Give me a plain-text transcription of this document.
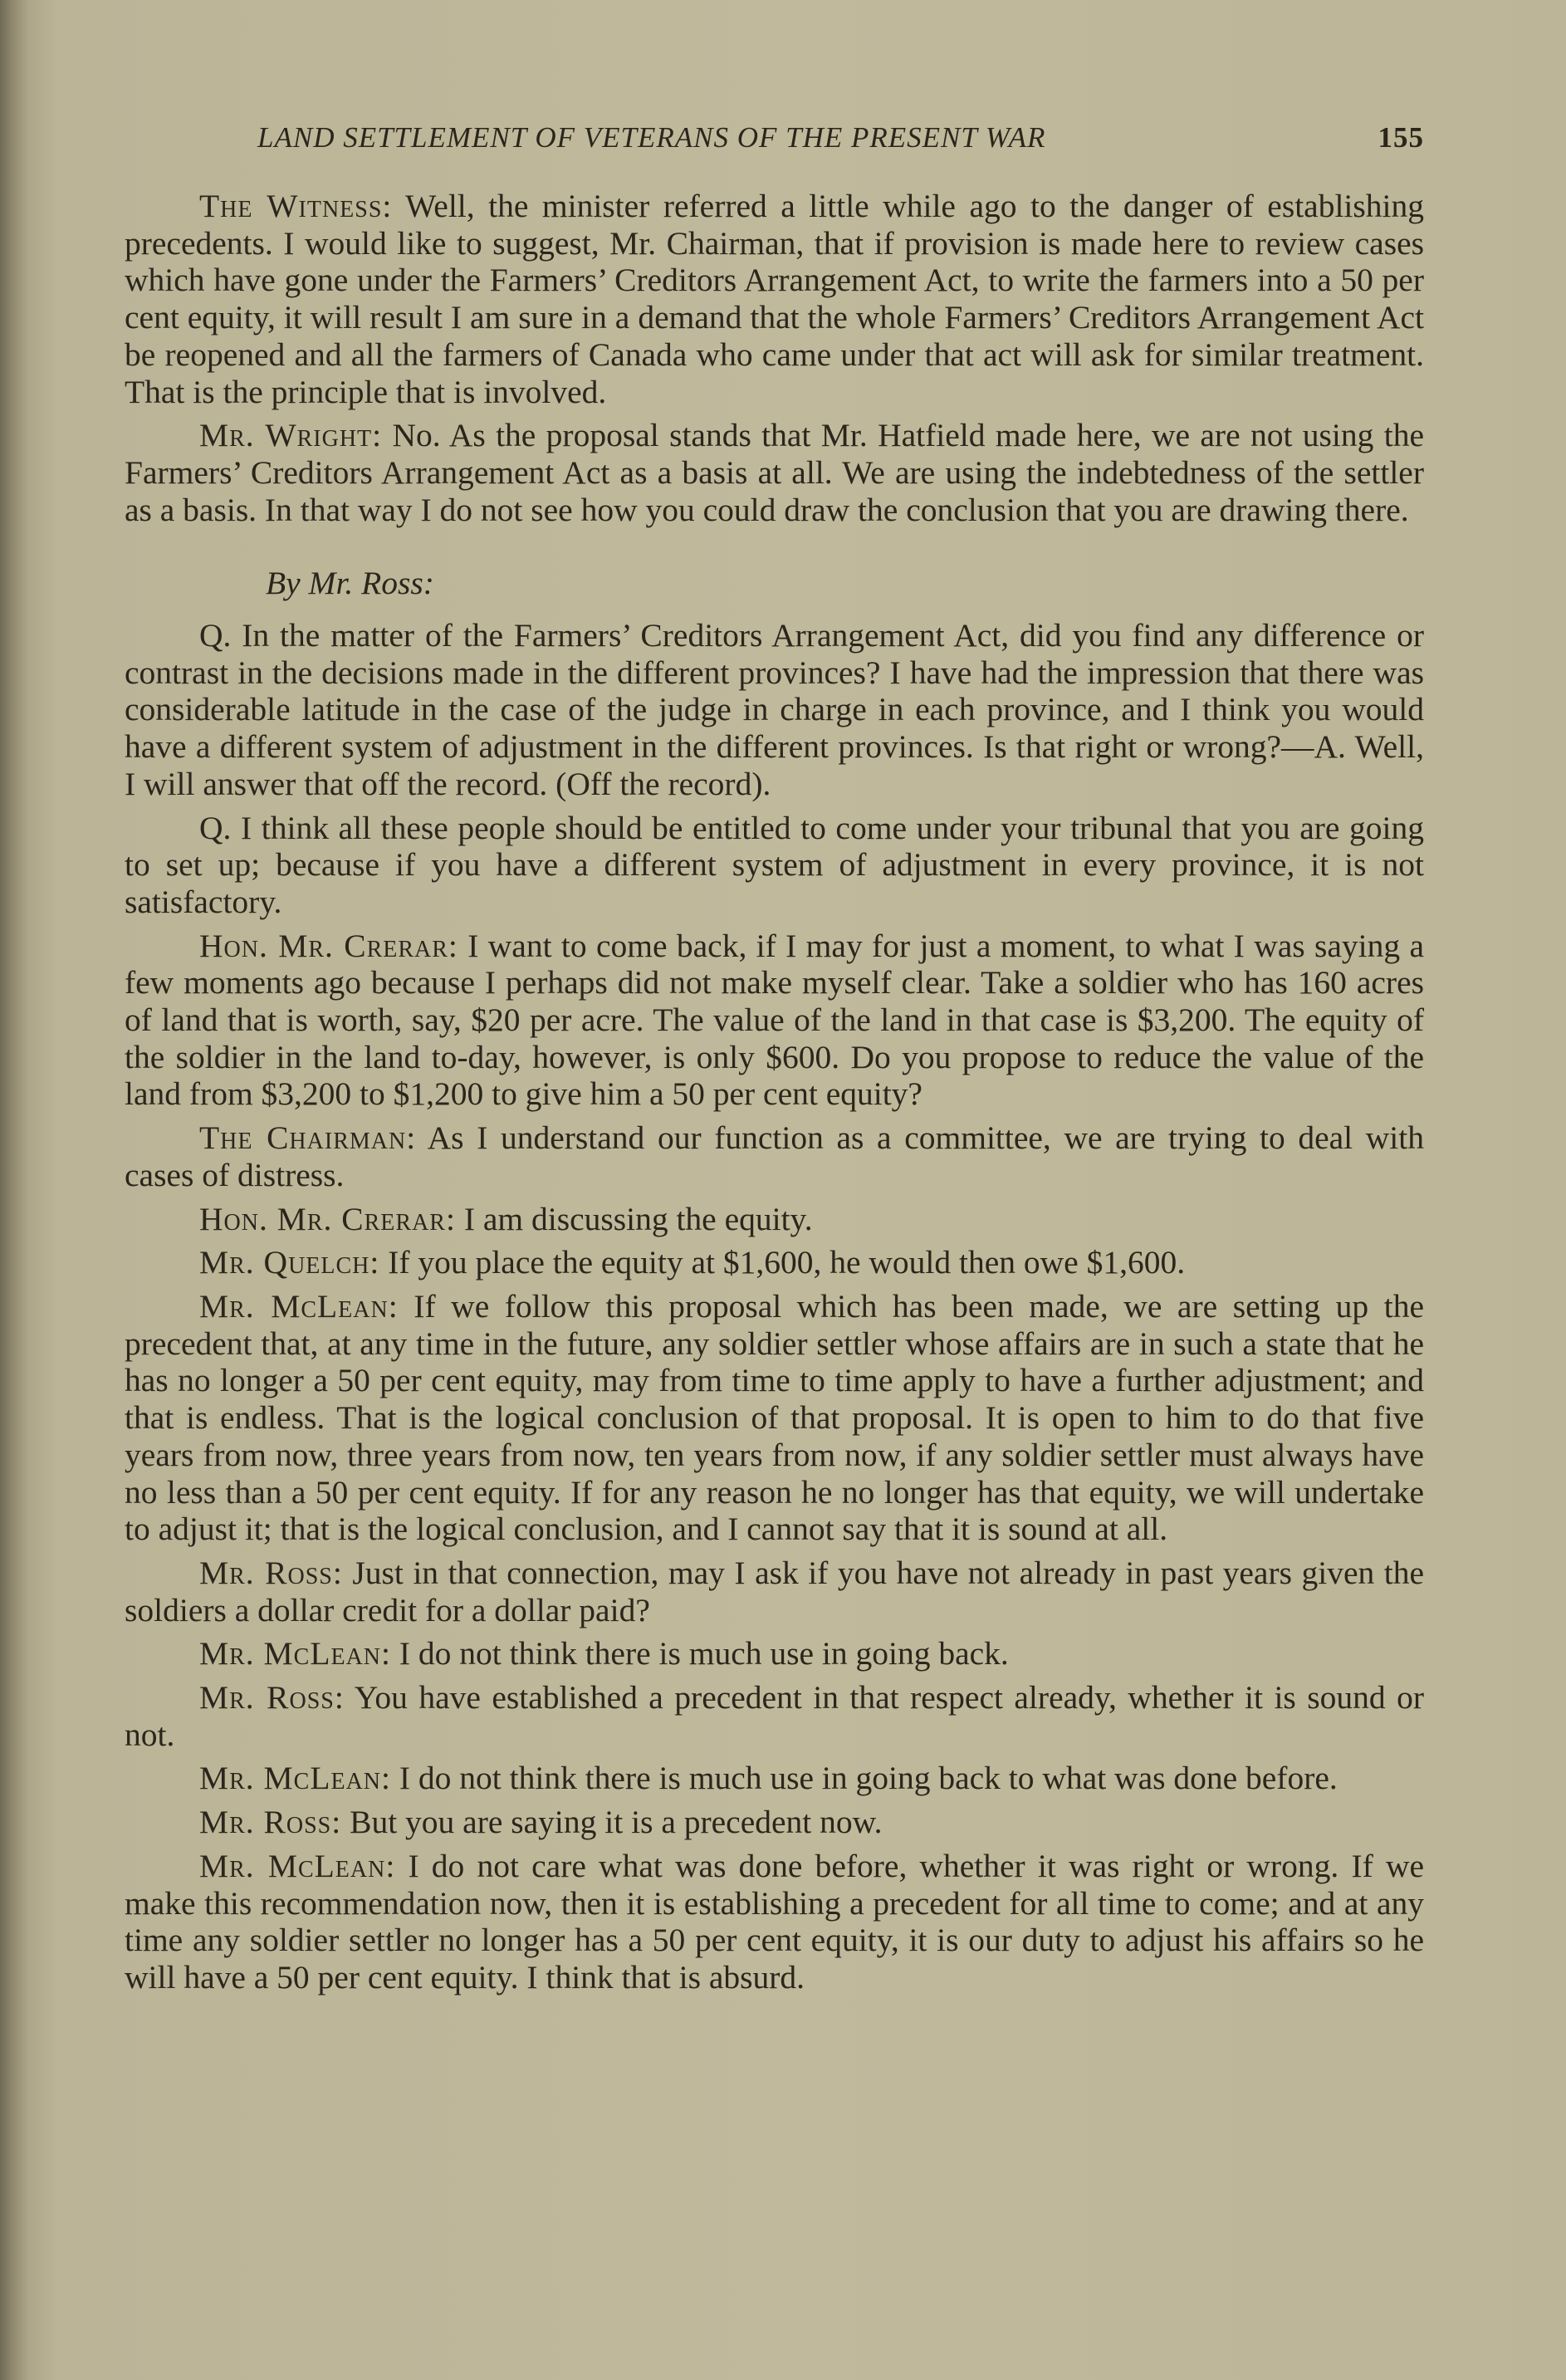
LAND SETTLEMENT OF VETERANS OF THE PRESENT WAR	155

The Witness: Well, the minister referred a little while ago to the danger of establishing precedents. I would like to suggest, Mr. Chairman, that if provision is made here to review cases which have gone under the Farmers’ Creditors Arrangement Act, to write the farmers into a 50 per cent equity, it will result I am sure in a demand that the whole Farmers’ Creditors Arrangement Act be reopened and all the farmers of Canada who came under that act will ask for similar treatment. That is the principle that is involved.

Mr. Wright: No. As the proposal stands that Mr. Hatfield made here, we are not using the Farmers’ Creditors Arrangement Act as a basis at all. We are using the indebtedness of the settler as a basis. In that way I do not see how you could draw the conclusion that you are drawing there.

By Mr. Ross:

Q. In the matter of the Farmers’ Creditors Arrangement Act, did you find any difference or contrast in the decisions made in the different provinces? I have had the impression that there was considerable latitude in the case of the judge in charge in each province, and I think you would have a different system of adjustment in the different provinces. Is that right or wrong?—A. Well, I will answer that off the record. (Off the record).

Q. I think all these people should be entitled to come under your tribunal that you are going to set up; because if you have a different system of adjustment in every province, it is not satisfactory.

Hon. Mr. Crerar: I want to come back, if I may for just a moment, to what I was saying a few moments ago because I perhaps did not make myself clear. Take a soldier who has 160 acres of land that is worth, say, $20 per acre. The value of the land in that case is $3,200. The equity of the soldier in the land to-day, however, is only $600. Do you propose to reduce the value of the land from $3,200 to $1,200 to give him a 50 per cent equity?

The Chairman: As I understand our function as a committee, we are trying to deal with cases of distress.

Hon. Mr. Crerar: I am discussing the equity.

Mr. Quelch: If you place the equity at $1,600, he would then owe $1,600.

Mr. McLean: If we follow this proposal which has been made, we are setting up the precedent that, at any time in the future, any soldier settler whose affairs are in such a state that he has no longer a 50 per cent equity, may from time to time apply to have a further adjustment; and that is endless. That is the logical conclusion of that proposal. It is open to him to do that five years from now, three years from now, ten years from now, if any soldier settler must always have no less than a 50 per cent equity. If for any reason he no longer has that equity, we will undertake to adjust it; that is the logical conclusion, and I cannot say that it is sound at all.

Mr. Ross: Just in that connection, may I ask if you have not already in past years given the soldiers a dollar credit for a dollar paid?

Mr. McLean: I do not think there is much use in going back.

Mr. Ross: You have established a precedent in that respect already, whether it is sound or not.

Mr. McLean: I do not think there is much use in going back to what was done before.

Mr. Ross: But you are saying it is a precedent now.

Mr. McLean: I do not care what was done before, whether it was right or wrong. If we make this recommendation now, then it is establishing a precedent for all time to come; and at any time any soldier settler no longer has a 50 per cent equity, it is our duty to adjust his affairs so he will have a 50 per cent equity. I think that is absurd.
